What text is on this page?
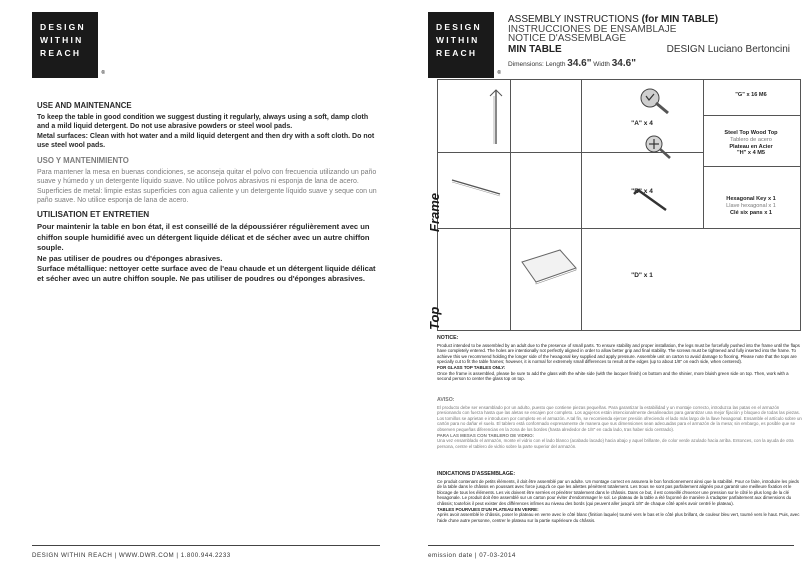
DESIGN
WITHIN
REACH
®
USE AND MAINTENANCE
To keep the table in good condition we suggest dusting it regularly, always using a soft, damp cloth and a mild liquid detergent. Do not use abrasive powders or steel wool pads.
Metal surfaces: Clean with hot water and a mild liquid detergent and then dry with a soft cloth. Do not use steel wool pads.
USO Y MANTENIMIENTO
Para mantener la mesa en buenas condiciones, se aconseja quitar el polvo con frecuencia utilizando un paño suave y húmedo y un detergente líquido suave. No utilice polvos abrasivos ni esponja de lana de acero.
Superficies de metal: limpie estas superficies con agua caliente y un detergente líquido suave y seque con un paño suave. No utilice esponja de lana de acero.
UTILISATION ET ENTRETIEN
Pour maintenir la table en bon état, il est conseillé de la dépoussiérer régulièrement avec un chiffon souple humidifié avec un détergent liquide délicat et de sécher avec un autre chiffon souple.
Ne pas utiliser de poudres ou d'éponges abrasives.
Surface métallique: nettoyer cette surface avec de l'eau chaude et un détergent liquide délicat et sécher avec un autre chiffon souple. Ne pas utiliser de poudres ou d'éponges abrasives.
DESIGN WITHIN REACH | WWW.DWR.COM | 1.800.944.2233
DESIGN
WITHIN
REACH
®
ASSEMBLY INSTRUCTIONS (for MIN TABLE)
INSTRUCCIONES DE ENSAMBLAJE
NOTICE D'ASSEMBLAGE
MIN TABLE	DESIGN Luciano Bertoncini
Dimensions: Length 34.6" Width 34.6"
"A" x 4
"B" x 4
"G" x 16 M6
Steel Top Wood Top
Tablero de acero
Plateau en Acier
"H" x 4 M5
Hexagonal Key x 1
Llave hexagonal x 1
Clé six pans x 1
"D" x 1
Frame
Top
NOTICE:
Product intended to be assembled by an adult due to the presence of small parts. To ensure stability and proper installation, the legs must be forcefully pushed into the frame until the flaps have completely entered. The holes are intentionally not perfectly aligned in order to allow better grip and final stability. The screws must be tightened and fully inserted into the frame. To achieve this we recommend holding the longer side of the hexagonal key supplied and apply pressure. Assemble unit on carton to avoid damage to flooring. Please note that the tops are specially cut to fit the table frames; however, it is normal for extremely small differences to result at the edges (up to about 1/8" on each side, when centered).
FOR GLASS TOP TABLES ONLY:
Once the frame is assembled, please be sure to add the glass with the white side (with the lacquer finish) on bottom and the shinier, more bluish green side on top. Then, work with a second person to center the glass top on top.
AVISO:
El producto debe ser ensamblado por un adulto, puesto que contiene piezas pequeñas. Para garantizar la estabilidad y un montaje correcto, introduzca las patas en el armazón presionando con fuerza hasta que las aletas se encajen por completo. Los agujeros están intencionalmente desalineados para garantizar una mejor fijación y bloqueo de todas las piezas. Los tornillos se aprietan e introducen por completo en el armazón. A tal fin, se recomienda ejercer presión ofreciendo el lado más largo de la llave hexagonal. Ensamble el artículo sobre un cartón para no dañar el suelo. El tablero está conformado expresamente de manera que sus dimensiones sean adecuadas para el armazón de la mesa; sin embargo, es posible que se observen pequeñas diferencias en la zona de los bordes (hasta alrededor de 1/8" en cada lado, tras haber sido centrado).
PARA LAS MESAS CON TABLERO DE VIDRIO:
Una vez ensamblado el armazón, monte el vidrio con el lado blanco (acabado lacado) hacia abajo y aquel brillante, de color verde azulado hacia arriba. Entonces, con la ayuda de otra persona, centre el tablero de vidrio sobre la parte superior del armazón.
INDICATIONS D'ASSEMBLAGE:
Ce produit contenant de petits éléments, il doit être assemblé par un adulte. Un montage correct en assurera le bon fonctionnement ainsi que la stabilité. Pour ce faire, introduire les pieds de la table dans le châssis en poussant avec force jusqu'à ce que les ailettes pénètrent totalement. Les trous ne sont pas parfaitement alignés pour garantir une meilleure fixation et le blocage de tous les éléments. Les vis doivent être serrées et pénétrer totalement dans le châssis. Dans ce but, il est conseillé d'exercer une pression sur le côté le plus long de la clé hexagonale. Le produit doit être assemblé sur un carton pour éviter d'endommager le sol. Le plateau de la table a été façonné de manière à s'adapter parfaitement aux dimensions du châssis; toutefois il peut exister des différences infimes au niveau des bords (qui peuvent aller jusqu'à 1/8" de chaque côté après avoir centré le plateau).
TABLES POURVUES D'UN PLATEAU EN VERRE:
Après avoir assemblé le châssis, poser le plateau en verre avec le côté blanc (finition laquée) tourné vers le bas et le côté plus brillant, de couleur bleu vert, tourné vers le haut. Puis, avec l'aide d'une autre personne, centrer le plateau sur la partie supérieure du châssis.
emission date | 07-03-2014
